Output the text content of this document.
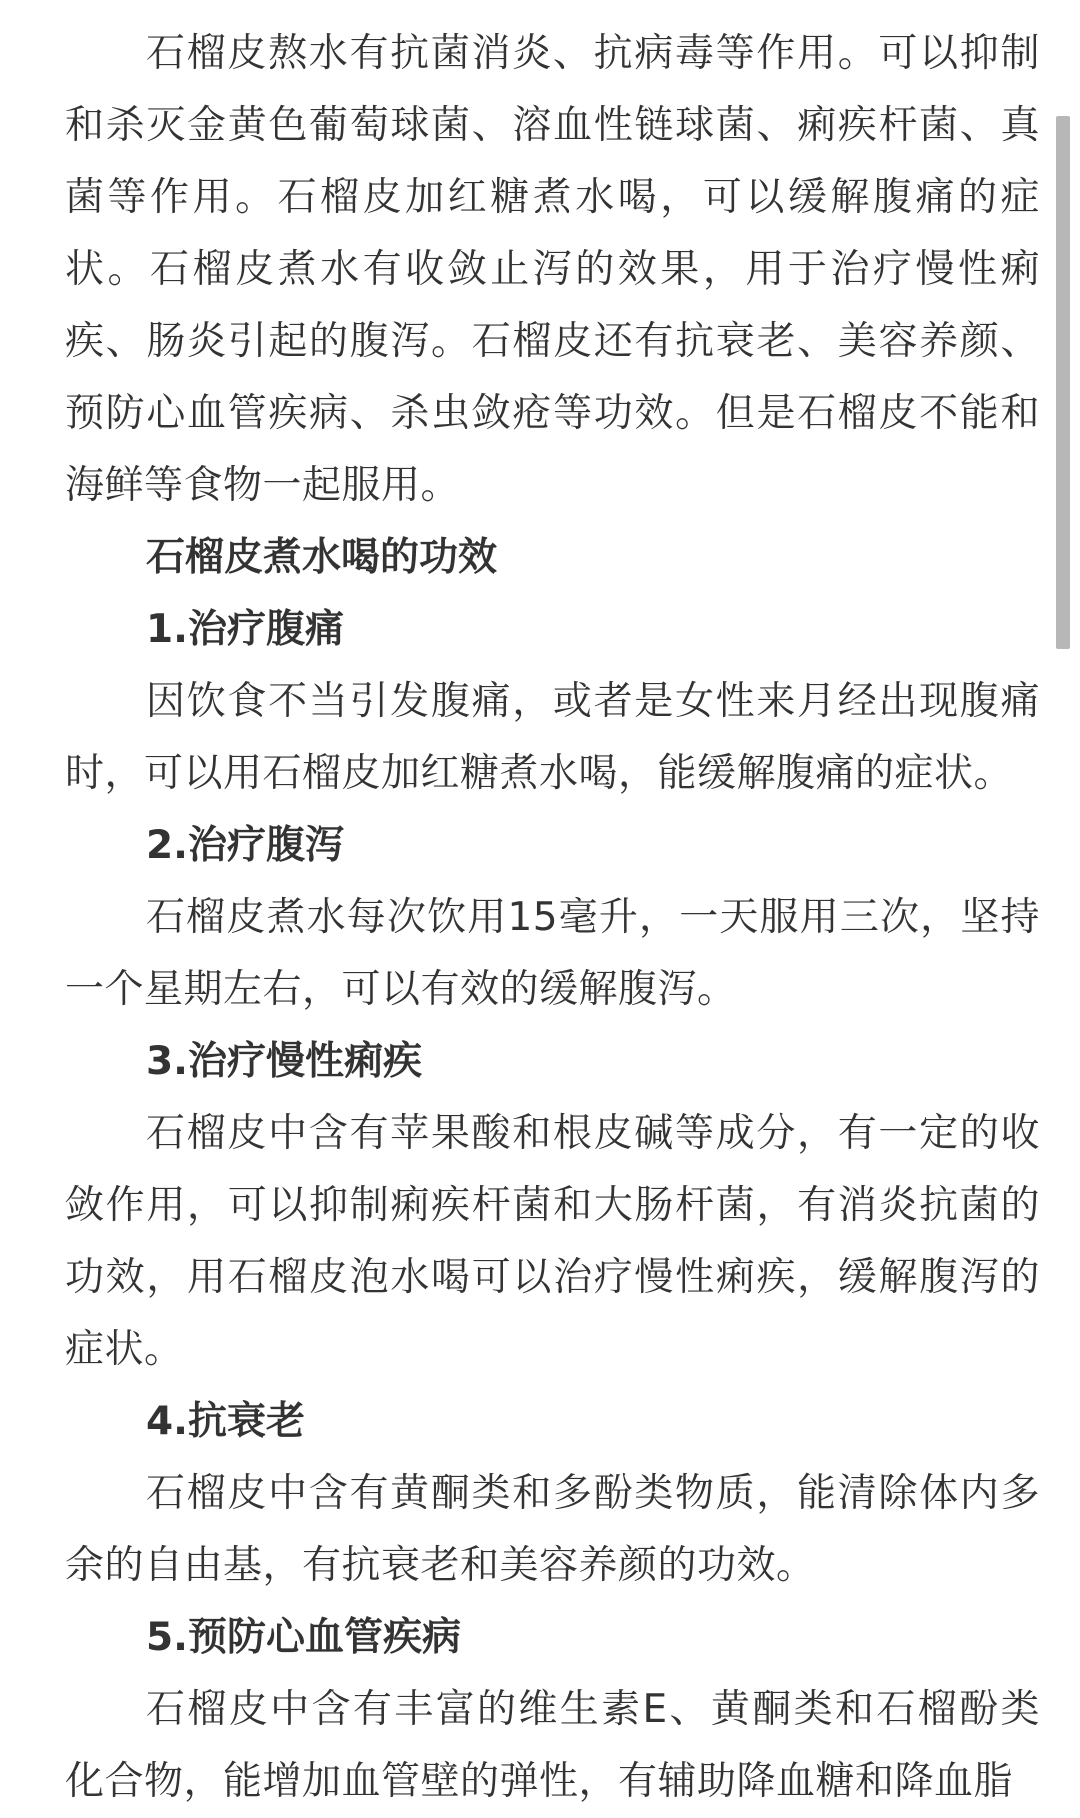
石榴皮熬水有抗菌消炎、抗病毒等作用。可以抑制和杀灭金黄色葡萄球菌、溶血性链球菌、痢疾杆菌、真菌等作用。石榴皮加红糖煮水喝，可以缓解腹痛的症状。石榴皮煮水有收敛止泻的效果，用于治疗慢性痢疾、肠炎引起的腹泻。石榴皮还有抗衰老、美容养颜、预防心血管疾病、杀虫敛疮等功效。但是石榴皮不能和海鲜等食物一起服用。

石榴皮煮水喝的功效

1.治疗腹痛

因饮食不当引发腹痛，或者是女性来月经出现腹痛时，可以用石榴皮加红糖煮水喝，能缓解腹痛的症状。

2.治疗腹泻

石榴皮煮水每次饮用15毫升，一天服用三次，坚持一个星期左右，可以有效的缓解腹泻。

3.治疗慢性痢疾

石榴皮中含有苹果酸和根皮碱等成分，有一定的收敛作用，可以抑制痢疾杆菌和大肠杆菌，有消炎抗菌的功效，用石榴皮泡水喝可以治疗慢性痢疾，缓解腹泻的症状。

4.抗衰老

石榴皮中含有黄酮类和多酚类物质，能清除体内多余的自由基，有抗衰老和美容养颜的功效。

5.预防心血管疾病

石榴皮中含有丰富的维生素E、黄酮类和石榴酚类化合物，能增加血管壁的弹性，有辅助降血糖和降血脂
